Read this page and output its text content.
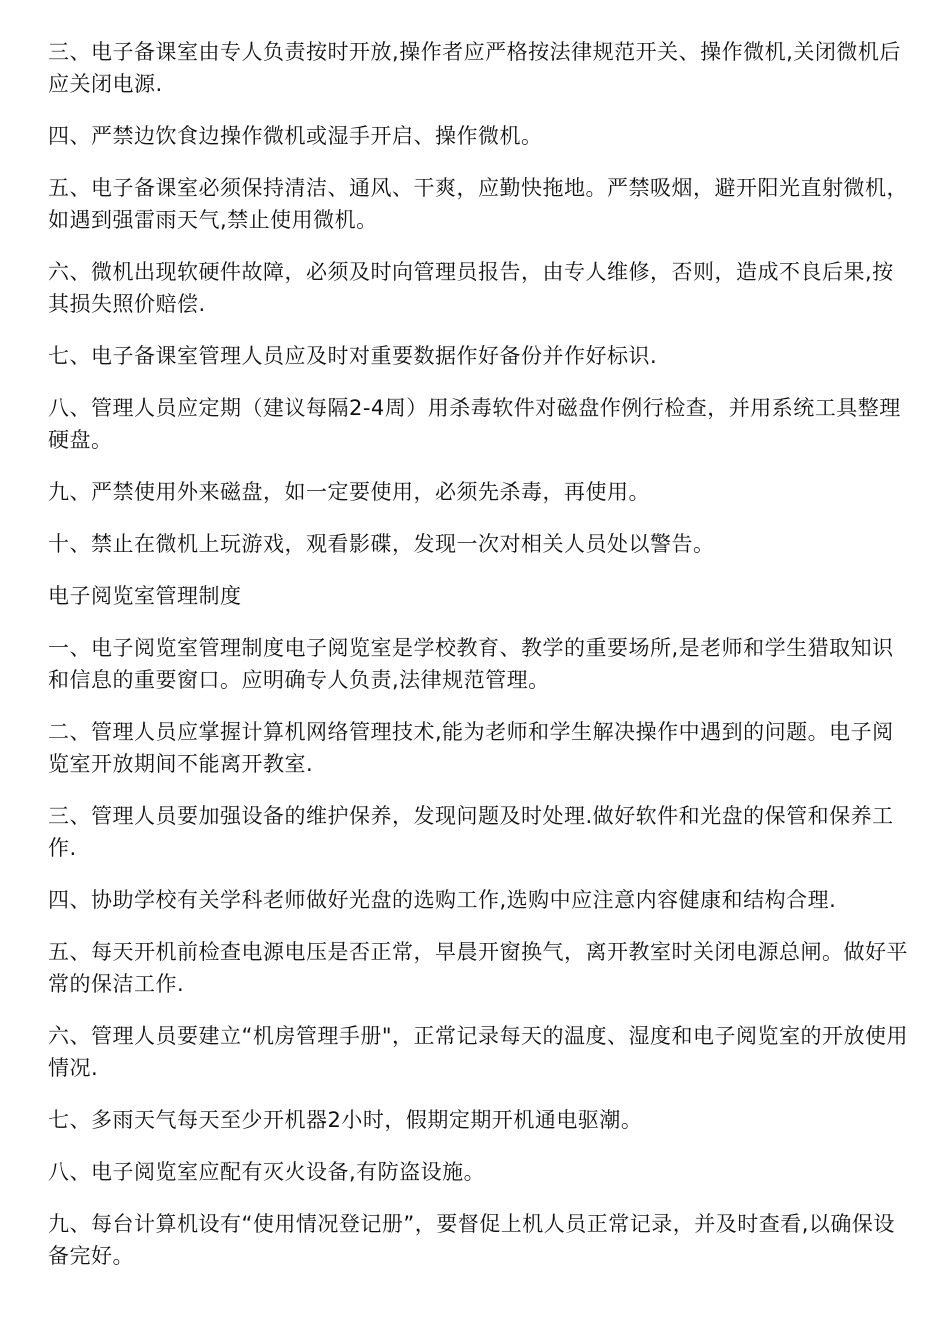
三、电子备课室由专人负责按时开放,操作者应严格按法律规范开关、操作微机,关闭微机后应关闭电源.

四、严禁边饮食边操作微机或湿手开启、操作微机。

五、电子备课室必须保持清洁、通风、干爽，应勤快拖地。严禁吸烟，避开阳光直射微机，如遇到强雷雨天气,禁止使用微机。

六、微机出现软硬件故障，必须及时向管理员报告，由专人维修，否则，造成不良后果,按其损失照价赔偿.

七、电子备课室管理人员应及时对重要数据作好备份并作好标识.

八、管理人员应定期（建议每隔2-4周）用杀毒软件对磁盘作例行检查，并用系统工具整理硬盘。

九、严禁使用外来磁盘，如一定要使用，必须先杀毒，再使用。

十、禁止在微机上玩游戏，观看影碟，发现一次对相关人员处以警告。

电子阅览室管理制度

一、电子阅览室管理制度电子阅览室是学校教育、教学的重要场所,是老师和学生猎取知识和信息的重要窗口。应明确专人负责,法律规范管理。

二、管理人员应掌握计算机网络管理技术,能为老师和学生解决操作中遇到的问题。电子阅览室开放期间不能离开教室.

三、管理人员要加强设备的维护保养，发现问题及时处理.做好软件和光盘的保管和保养工作.

四、协助学校有关学科老师做好光盘的选购工作,选购中应注意内容健康和结构合理.

五、每天开机前检查电源电压是否正常，早晨开窗换气，离开教室时关闭电源总闸。做好平常的保洁工作.

六、管理人员要建立“机房管理手册"，正常记录每天的温度、湿度和电子阅览室的开放使用情况.

七、多雨天气每天至少开机器2小时，假期定期开机通电驱潮。

八、电子阅览室应配有灭火设备,有防盗设施。

九、每台计算机设有“使用情况登记册”，要督促上机人员正常记录，并及时查看,以确保设备完好。
